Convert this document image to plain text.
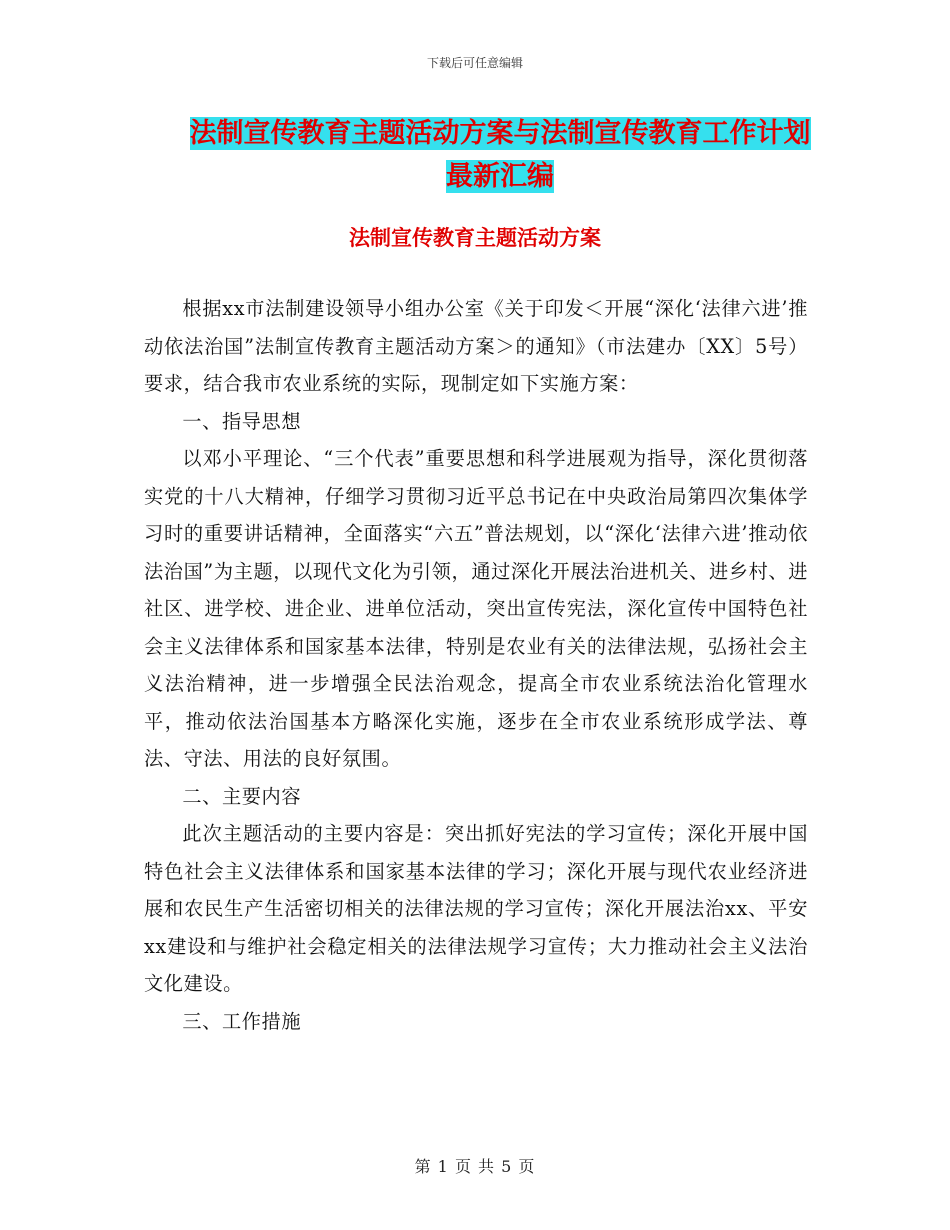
下载后可任意编辑
法制宣传教育主题活动方案与法制宣传教育工作计划
最新汇编
法制宣传教育主题活动方案

根据xx市法制建设领导小组办公室《关于印发＜开展“深化‘法律六进’推动依法治国”法制宣传教育主题活动方案＞的通知》（市法建办〔XX〕5号）要求，结合我市农业系统的实际，现制定如下实施方案：

一、指导思想

以邓小平理论、“三个代表”重要思想和科学进展观为指导，深化贯彻落实党的十八大精神，仔细学习贯彻习近平总书记在中央政治局第四次集体学习时的重要讲话精神，全面落实“六五”普法规划，以“深化‘法律六进’推动依法治国”为主题，以现代文化为引领，通过深化开展法治进机关、进乡村、进社区、进学校、进企业、进单位活动，突出宣传宪法，深化宣传中国特色社会主义法律体系和国家基本法律，特别是农业有关的法律法规，弘扬社会主义法治精神，进一步增强全民法治观念，提高全市农业系统法治化管理水平，推动依法治国基本方略深化实施，逐步在全市农业系统形成学法、尊法、守法、用法的良好氛围。

二、主要内容

此次主题活动的主要内容是：突出抓好宪法的学习宣传；深化开展中国特色社会主义法律体系和国家基本法律的学习；深化开展与现代农业经济进展和农民生产生活密切相关的法律法规的学习宣传；深化开展法治xx、平安xx建设和与维护社会稳定相关的法律法规学习宣传；大力推动社会主义法治文化建设。

三、工作措施

第 1 页 共 5 页
